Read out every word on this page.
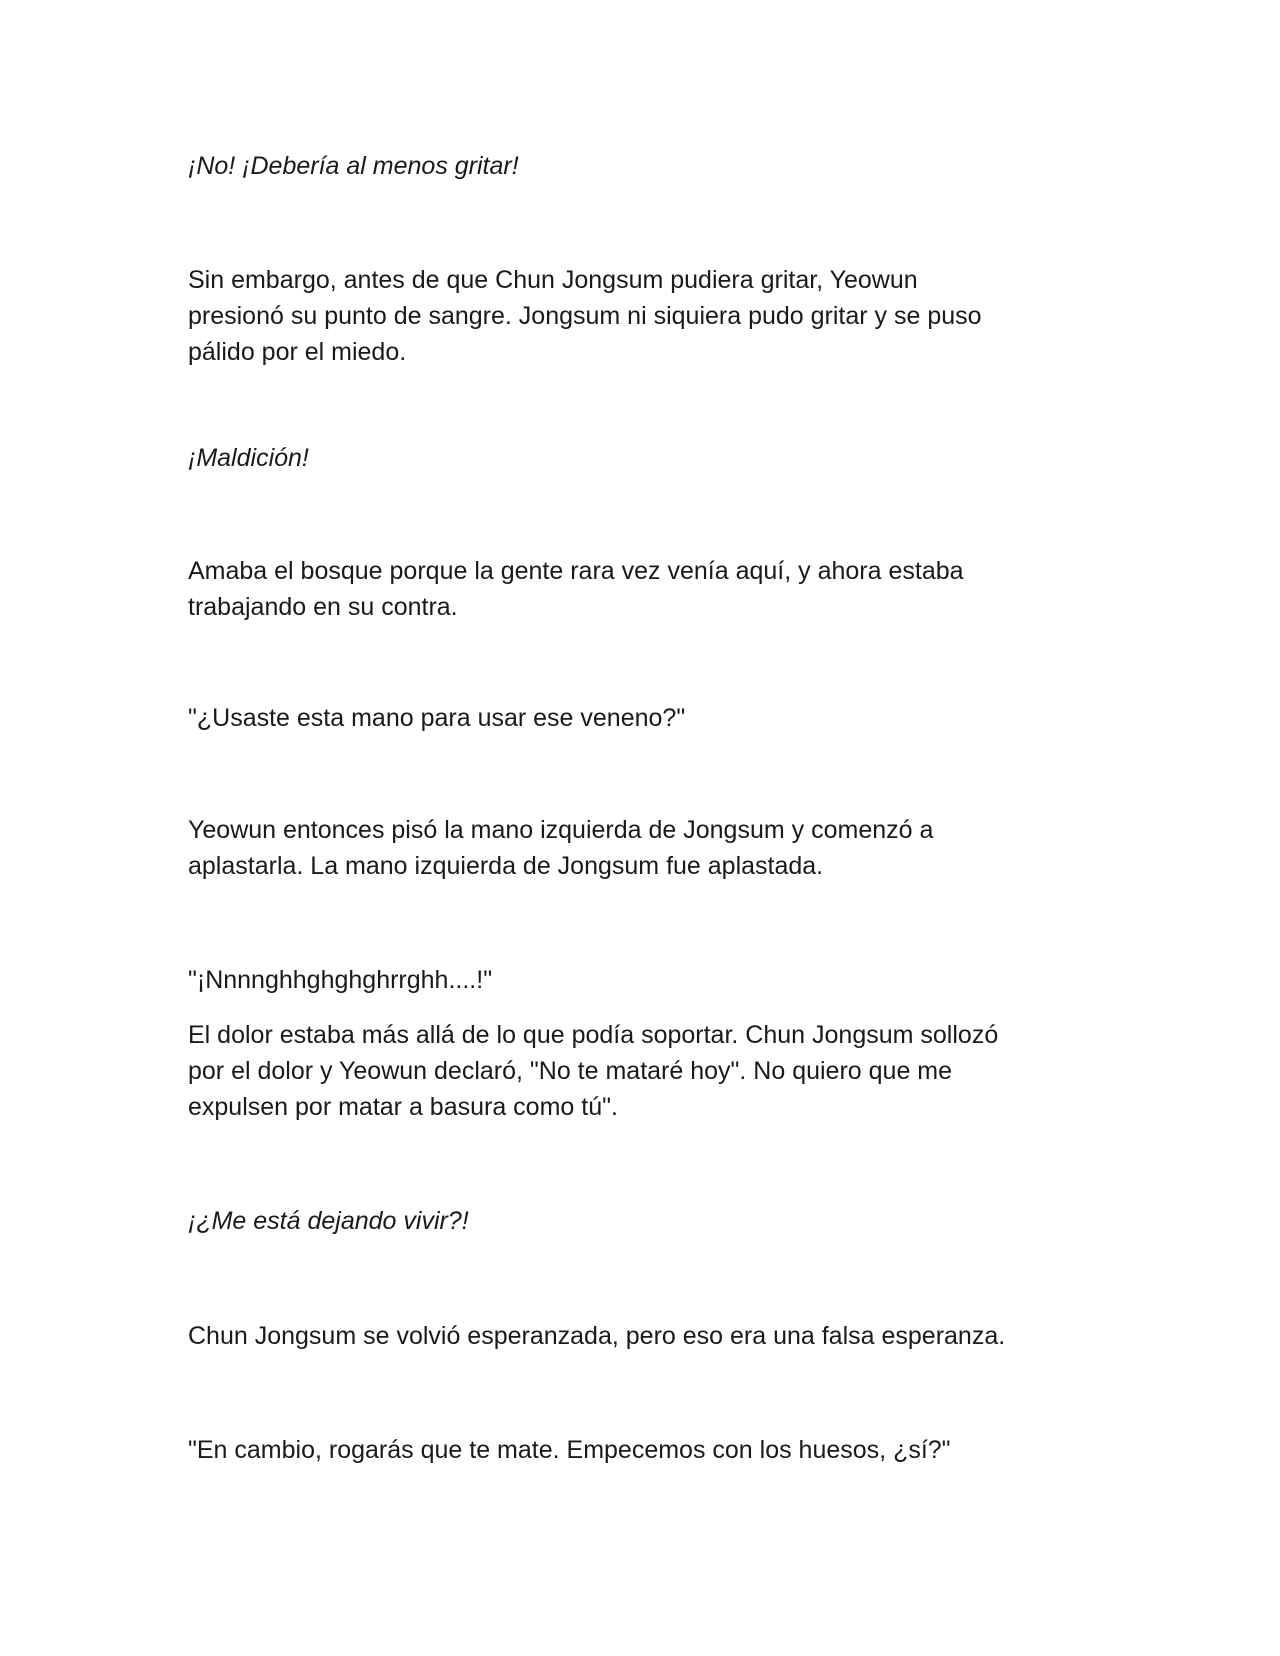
¡No! ¡Debería al menos gritar!

Sin embargo, antes de que Chun Jongsum pudiera gritar, Yeowun
presionó su punto de sangre. Jongsum ni siquiera pudo gritar y se puso
pálido por el miedo.

¡Maldición!

Amaba el bosque porque la gente rara vez venía aquí, y ahora estaba
trabajando en su contra.

"¿Usaste esta mano para usar ese veneno?"

Yeowun entonces pisó la mano izquierda de Jongsum y comenzó a
aplastarla. La mano izquierda de Jongsum fue aplastada.

"¡Nnnnghhghghghrrghh....!"

El dolor estaba más allá de lo que podía soportar. Chun Jongsum sollozó
por el dolor y Yeowun declaró, "No te mataré hoy". No quiero que me
expulsen por matar a basura como tú".

¡¿Me está dejando vivir?!

Chun Jongsum se volvió esperanzada, pero eso era una falsa esperanza.

"En cambio, rogarás que te mate. Empecemos con los huesos, ¿sí?"
